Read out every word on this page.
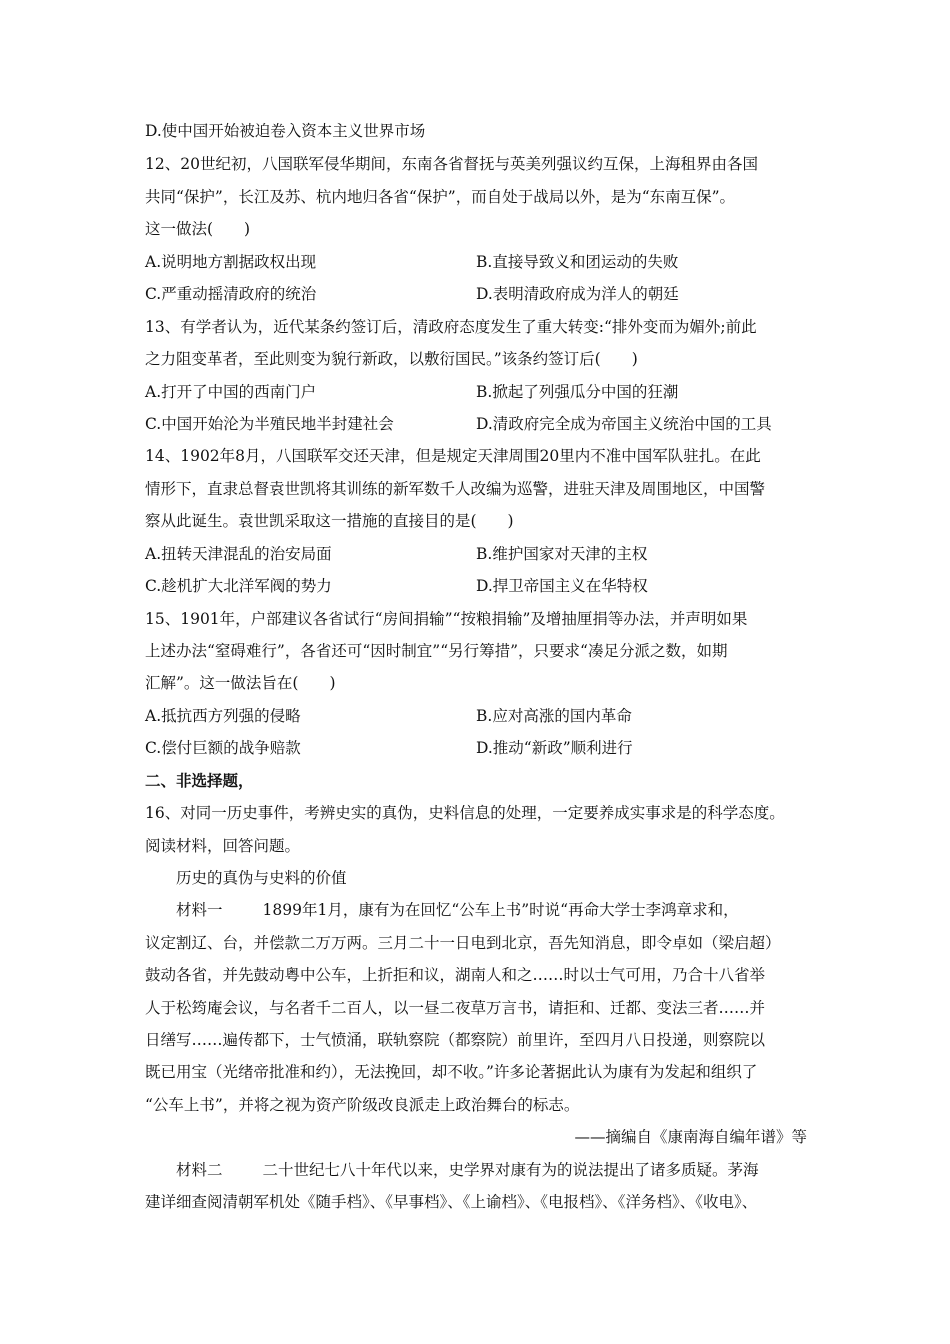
D.使中国开始被迫卷入资本主义世界市场
12、20世纪初，八国联军侵华期间，东南各省督抚与英美列强议约互保，上海租界由各国
共同“保护”，长江及苏、杭内地归各省“保护”，而自处于战局以外，是为“东南互保”。
这一做法(　　)
A.说明地方割据政权出现	B.直接导致义和团运动的失败
C.严重动摇清政府的统治	D.表明清政府成为洋人的朝廷
13、有学者认为，近代某条约签订后，清政府态度发生了重大转变:“排外变而为媚外;前此
之力阻变革者，至此则变为貌行新政，以敷衍国民。”该条约签订后(　　)
A.打开了中国的西南门户	B.掀起了列强瓜分中国的狂潮
C.中国开始沦为半殖民地半封建社会	D.清政府完全成为帝国主义统治中国的工具
14、1902年8月，八国联军交还天津，但是规定天津周围20里内不准中国军队驻扎。在此
情形下，直隶总督袁世凯将其训练的新军数千人改编为巡警，进驻天津及周围地区，中国警
察从此诞生。袁世凯采取这一措施的直接目的是(　　)
A.扭转天津混乱的治安局面	B.维护国家对天津的主权
C.趁机扩大北洋军阀的势力	D.捍卫帝国主义在华特权
15、1901年，户部建议各省试行“房间捐输”“按粮捐输”及增抽厘捐等办法，并声明如果
上述办法“窒碍难行”，各省还可“因时制宜”“另行筹措”，只要求“凑足分派之数，如期
汇解”。这一做法旨在(　　)
A.抵抗西方列强的侵略	B.应对高涨的国内革命
C.偿付巨额的战争赔款	D.推动“新政”顺利进行
二、非选择题，
16、对同一历史事件，考辨史实的真伪，史料信息的处理，一定要养成实事求是的科学态度。
阅读材料，回答问题。
历史的真伪与史料的价值
材料一	1899年1月，康有为在回忆“公车上书”时说“再命大学士李鸿章求和，
议定割辽、台，并偿款二万万两。三月二十一日电到北京，吾先知消息，即令卓如（梁启超）
鼓动各省，并先鼓动粤中公车，上折拒和议，湖南人和之……时以士气可用，乃合十八省举
人于松筠庵会议，与名者千二百人，以一昼二夜草万言书，请拒和、迁都、变法三者……并
日缮写……遍传都下，士气愤涌，联轨察院（都察院）前里许，至四月八日投递，则察院以
既已用宝（光绪帝批准和约），无法挽回，却不收。”许多论著据此认为康有为发起和组织了
“公车上书”，并将之视为资产阶级改良派走上政治舞台的标志。
——摘编自《康南海自编年谱》等
材料二	二十世纪七八十年代以来，史学界对康有为的说法提出了诸多质疑。茅海
建详细查阅清朝军机处《随手档》、《早事档》、《上谕档》、《电报档》、《洋务档》、《收电》、
